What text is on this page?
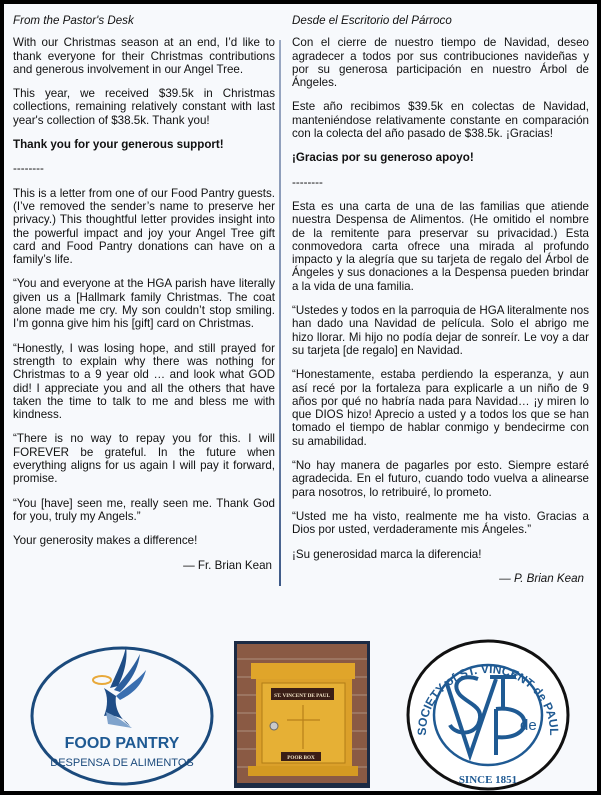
From the Pastor's Desk

With our Christmas season at an end, I’d like to thank everyone for their Christmas contributions and generous involvement in our Angel Tree.

This year, we received $39.5k in Christmas collections, remaining relatively constant with last year's collection of $38.5k. Thank you!

Thank you for your generous support!

--------

This is a letter from one of our Food Pantry guests. (I’ve removed the sender’s name to preserve her privacy.) This thoughtful letter provides insight into the powerful impact and joy your Angel Tree gift card and Food Pantry donations can have on a family’s life.

“You and everyone at the HGA parish have literally given us a [Hallmark family Christmas. The coat alone made me cry. My son couldn’t stop smiling. I’m gonna give him his [gift] card on Christmas.

“Honestly, I was losing hope, and still prayed for strength to explain why there was nothing for Christmas to a 9 year old … and look what GOD did! I appreciate you and all the others that have taken the time to talk to me and bless me with kindness.

“There is no way to repay you for this. I will FOREVER be grateful. In the future when everything aligns for us again I will pay it forward, promise.

“You [have] seen me, really seen me. Thank God for you, truly my Angels.”

Your generosity makes a difference!

— Fr. Brian Kean

Desde el Escritorio del Párroco

Con el cierre de nuestro tiempo de Navidad, deseo agradecer a todos por sus contribuciones navideñas y por su generosa participación en nuestro Árbol de Ángeles.

Este año recibimos $39.5k en colectas de Navidad, manteniéndose relativamente constante en comparación con la colecta del año pasado de $38.5k. ¡Gracias!

¡Gracias por su generoso apoyo!

--------

Esta es una carta de una de las familias que atiende nuestra Despensa de Alimentos. (He omitido el nombre de la remitente para preservar su privacidad.) Esta conmovedora carta ofrece una mirada al profundo impacto y la alegría que su tarjeta de regalo del Árbol de Ángeles y sus donaciones a la Despensa pueden brindar a la vida de una familia.

“Ustedes y todos en la parroquia de HGA literalmente nos han dado una Navidad de película. Solo el abrigo me hizo llorar. Mi hijo no podía dejar de sonreír. Le voy a dar su tarjeta [de regalo] en Navidad.

“Honestamente, estaba perdiendo la esperanza, y aun así recé por la fortaleza para explicarle a un niño de 9 años por qué no habría nada para Navidad… ¡y miren lo que DIOS hizo! Aprecio a usted y a todos los que se han tomado el tiempo de hablar conmigo y bendecirme con su amabilidad.

“No hay manera de pagarles por esto. Siempre estaré agradecida. En el futuro, cuando todo vuelva a alinearse para nosotros, lo retribuiré, lo prometo.

“Usted me ha visto, realmente me ha visto. Gracias a Dios por usted, verdaderamente mis Ángeles.”

¡Su generosidad marca la diferencia!

— P. Brian Kean

FOOD PANTRY
DESPENSA DE ALIMENTOS
ST. VINCENT DE PAUL
POOR BOX
SOCIETY of ST. VINCENT de PAUL
SINCE 1851
de
